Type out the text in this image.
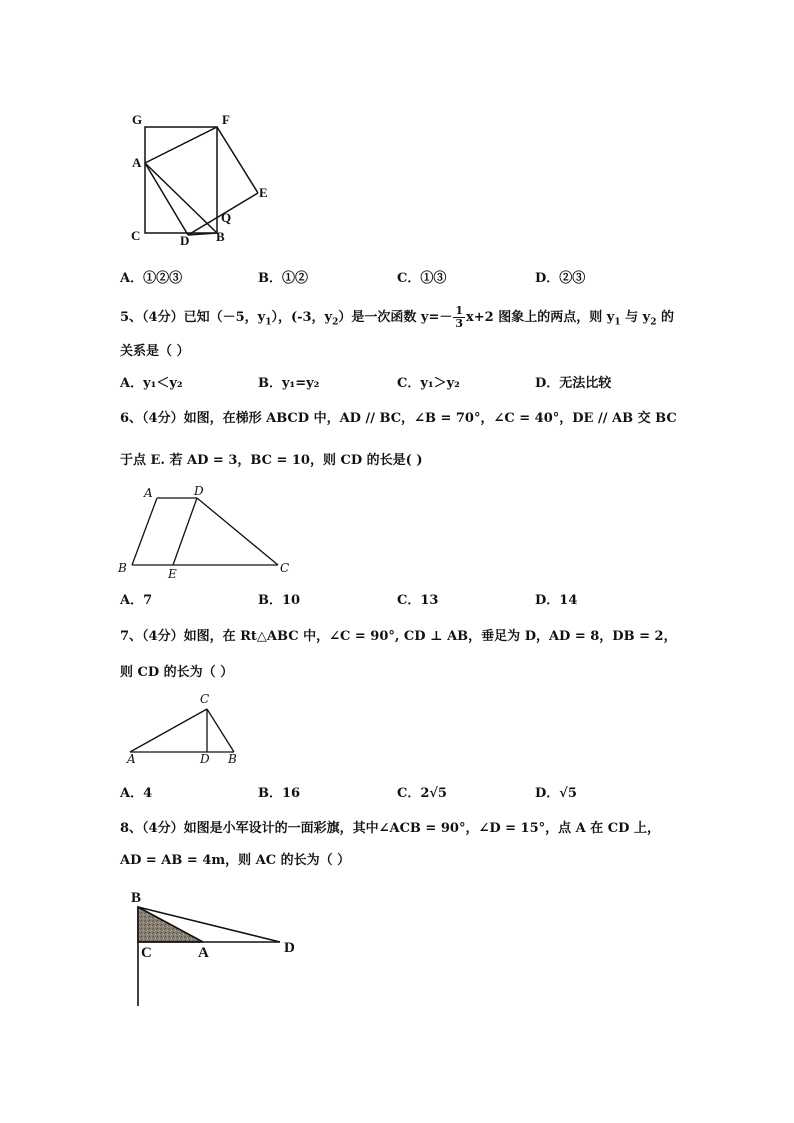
G	F
A
E
Q
C	D B
A．①②③	B．①②	C．①③	D．②③
5、（4分）已知（－5，$y_1$），(-3，$y_2$）是一次函数 $y=- \frac{1}{3} x+2$ 图象上的两点，则 $y_1$ 与 $y_2$ 的
关系是（ ）
A．y₁＜y₂	B．y₁=y₂	C．y₁＞y₂	D．无法比较
6、（4分）如图，在梯形 ABCD 中，AD // BC，∠B = 70°，∠C = 40°，DE // AB 交 BC
于点 E. 若 AD = 3，BC = 10，则 CD 的长是( )
A	D
B	E	C
A．7	B．10	C．13	D．14
7、（4分）如图，在 Rt△ABC 中，∠C = 90°, CD ⊥ AB，垂足为 D，AD = 8，DB = 2，
则 CD 的长为（ ）
C
A	D B
A．4	B．16	C．2√5	D．√5
8、（4分）如图是小军设计的一面彩旗，其中∠ACB = 90°，∠D = 15°，点 A 在 CD 上，
AD = AB = 4m，则 AC 的长为（ ）
B
C	A	D
